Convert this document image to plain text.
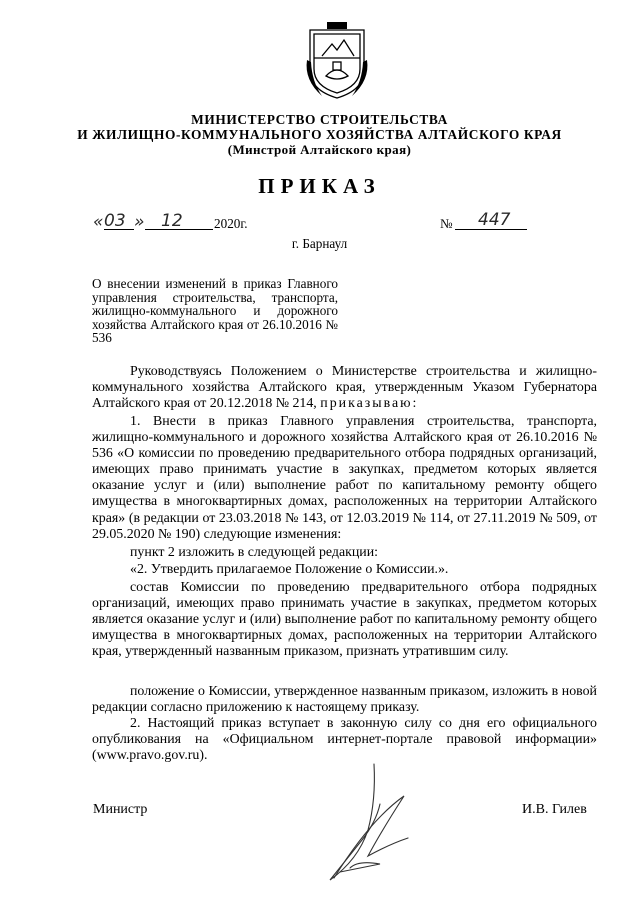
МИНИСТЕРСТВО СТРОИТЕЛЬСТВА
И ЖИЛИЩНО-КОММУНАЛЬНОГО ХОЗЯЙСТВА АЛТАЙСКОГО КРАЯ
(Минстрой Алтайского края)
ПРИКАЗ
« 03 » 12 2020г.	№ 447
г. Барнаул
О внесении изменений в приказ Главного управления строительства, транспорта, жилищно-коммунального и дорожного хозяйства Алтайского края от 26.10.2016 № 536

Руководствуясь Положением о Министерстве строительства и жилищно-коммунального хозяйства Алтайского края, утвержденным Указом Губернатора Алтайского края от 20.12.2018 № 214, приказываю:

1. Внести в приказ Главного управления строительства, транспорта, жилищно-коммунального и дорожного хозяйства Алтайского края от 26.10.2016 № 536 «О комиссии по проведению предварительного отбора подрядных организаций, имеющих право принимать участие в закупках, предметом которых является оказание услуг и (или) выполнение работ по капитальному ремонту общего имущества в многоквартирных домах, расположенных на территории Алтайского края» (в редакции от 23.03.2018 № 143, от 12.03.2019 № 114, от 27.11.2019 № 509, от 29.05.2020 № 190) следующие изменения:

пункт 2 изложить в следующей редакции:

«2. Утвердить прилагаемое Положение о Комиссии.».

состав Комиссии по проведению предварительного отбора подрядных организаций, имеющих право принимать участие в закупках, предметом которых является оказание услуг и (или) выполнение работ по капитальному ремонту общего имущества в многоквартирных домах, расположенных на территории Алтайского края, утвержденный названным приказом, признать утратившим силу.

положение о Комиссии, утвержденное названным приказом, изложить в новой редакции согласно приложению к настоящему приказу.

2. Настоящий приказ вступает в законную силу со дня его официального опубликования на «Официальном интернет-портале правовой информации» (www.pravo.gov.ru).

Министр	И.В. Гилев
